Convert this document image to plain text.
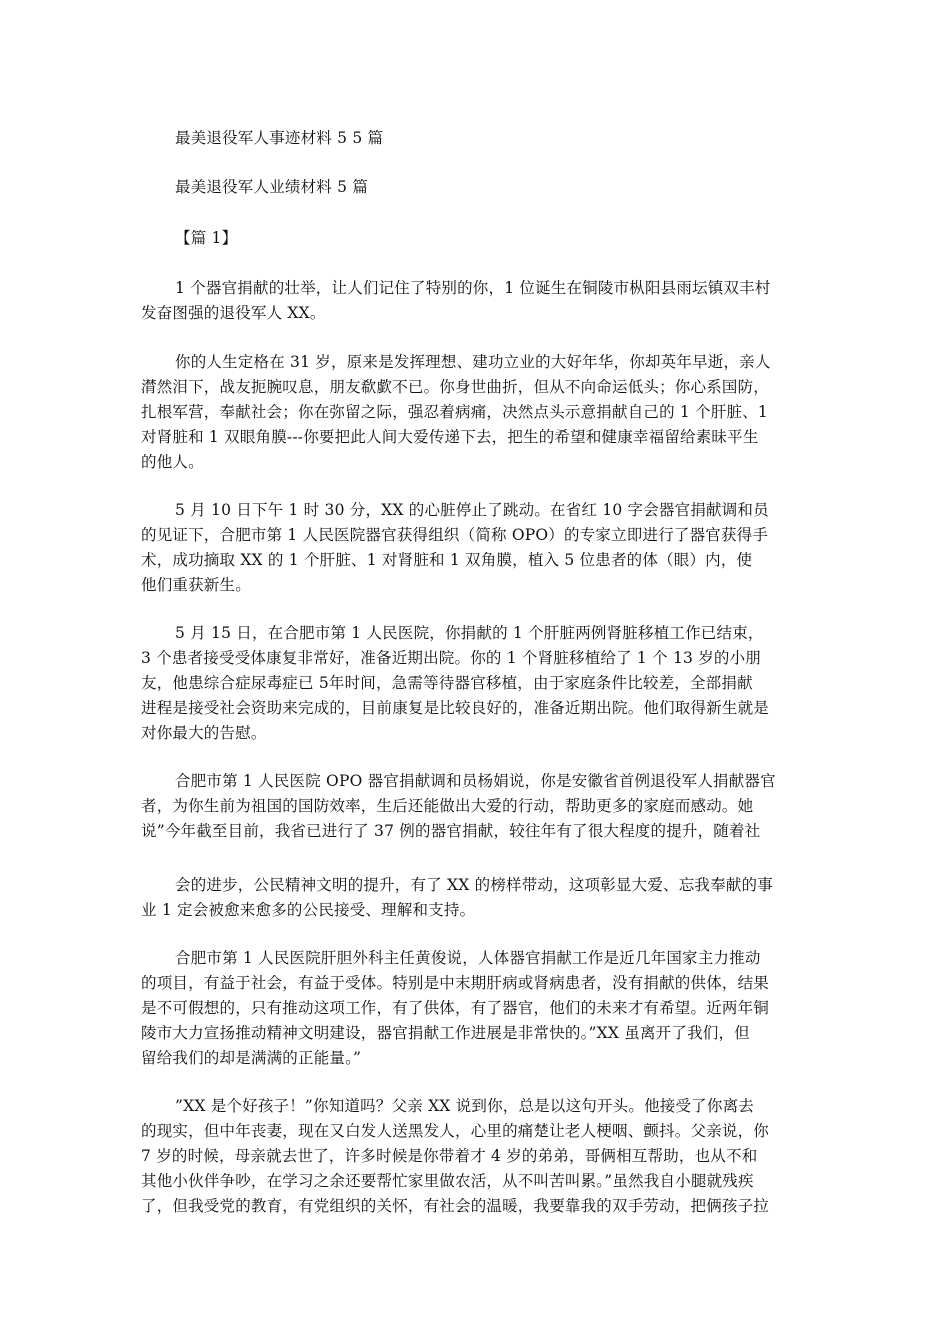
最美退役军人事迹材料 5 5 篇
最美退役军人业绩材料 5 篇
【篇 1】
1 个器官捐献的壮举，让人们记住了特别的你，1 位诞生在铜陵市枞阳县雨坛镇双丰村
发奋图强的退役军人 XX。
你的人生定格在 31 岁，原来是发挥理想、建功立业的大好年华，你却英年早逝，亲人
潸然泪下，战友扼腕叹息，朋友欷歔不已。你身世曲折，但从不向命运低头；你心系国防，
扎根军营，奉献社会；你在弥留之际，强忍着病痛，决然点头示意捐献自己的 1 个肝脏、1
对肾脏和 1 双眼角膜---你要把此人间大爱传递下去，把生的希望和健康幸福留给素昧平生
的他人。
5 月 10 日下午 1 时 30 分，XX 的心脏停止了跳动。在省红 10 字会器官捐献调和员
的见证下，合肥市第 1 人民医院器官获得组织（简称 OPO）的专家立即进行了器官获得手
术，成功摘取 XX 的 1 个肝脏、1 对肾脏和 1 双角膜，植入 5 位患者的体（眼）内，使
他们重获新生。
5 月 15 日，在合肥市第 1 人民医院，你捐献的 1 个肝脏两例肾脏移植工作已结束，
3 个患者接受受体康复非常好，准备近期出院。你的 1 个肾脏移植给了 1 个 13 岁的小朋
友，他患综合症尿毒症已 5年时间，急需等待器官移植，由于家庭条件比较差，全部捐献
进程是接受社会资助来完成的，目前康复是比较良好的，准备近期出院。他们取得新生就是
对你最大的告慰。
合肥市第 1 人民医院 OPO 器官捐献调和员杨娟说，你是安徽省首例退役军人捐献器官
者，为你生前为祖国的国防效率，生后还能做出大爱的行动，帮助更多的家庭而感动。她
说”今年截至目前，我省已进行了 37 例的器官捐献，较往年有了很大程度的提升，随着社
会的进步，公民精神文明的提升，有了 XX 的榜样带动，这项彰显大爱、忘我奉献的事
业 1 定会被愈来愈多的公民接受、理解和支持。
合肥市第 1 人民医院肝胆外科主任黄俊说，人体器官捐献工作是近几年国家主力推动
的项目，有益于社会，有益于受体。特别是中末期肝病或肾病患者，没有捐献的供体，结果
是不可假想的，只有推动这项工作，有了供体，有了器官，他们的未来才有希望。近两年铜
陵市大力宣扬推动精神文明建设，器官捐献工作进展是非常快的。”XX 虽离开了我们，但
留给我们的却是满满的正能量。”
”XX 是个好孩子！”你知道吗？父亲 XX 说到你，总是以这句开头。他接受了你离去
的现实，但中年丧妻，现在又白发人送黑发人，心里的痛楚让老人梗咽、颤抖。父亲说，你
7 岁的时候，母亲就去世了，许多时候是你带着才 4 岁的弟弟，哥俩相互帮助，也从不和
其他小伙伴争吵，在学习之余还要帮忙家里做农活，从不叫苦叫累。”虽然我自小腿就残疾
了，但我受党的教育，有党组织的关怀，有社会的温暖，我要靠我的双手劳动，把俩孩子拉
